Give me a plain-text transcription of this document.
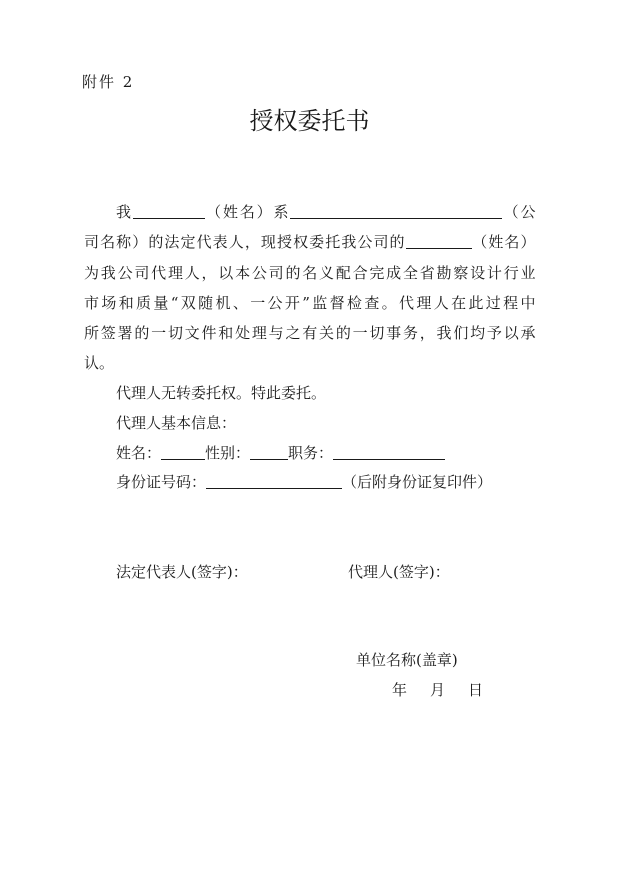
附件 2
授权委托书
我	（姓名）系	（公
司名称）的法定代表人，现授权委托我公司的	（姓名）
为我公司代理人，以本公司的名义配合完成全省勘察设计行业
市场和质量“双随机、一公开”监督检查。代理人在此过程中
所签署的一切文件和处理与之有关的一切事务，我们均予以承
认。
代理人无转委托权。特此委托。
代理人基本信息：
姓名：	性别：	职务：
身份证号码：	（后附身份证复印件）
法定代表人(签字)：	代理人(签字)：
单位名称(盖章)
年　月　日
